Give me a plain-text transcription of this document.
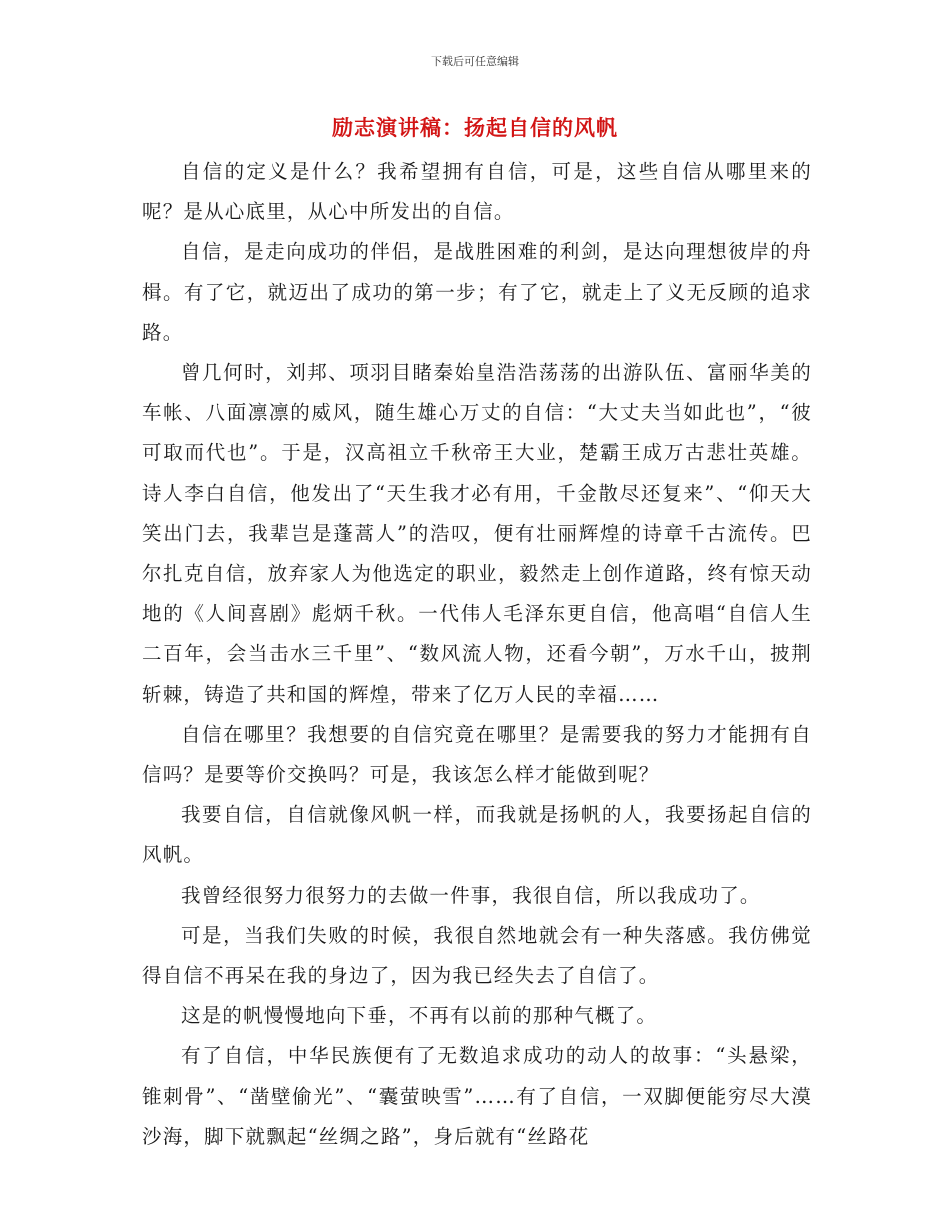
下载后可任意编辑
励志演讲稿：扬起自信的风帆

自信的定义是什么？我希望拥有自信，可是，这些自信从哪里来的呢？是从心底里，从心中所发出的自信。

自信，是走向成功的伴侣，是战胜困难的利剑，是达向理想彼岸的舟楫。有了它，就迈出了成功的第一步；有了它，就走上了义无反顾的追求路。

曾几何时，刘邦、项羽目睹秦始皇浩浩荡荡的出游队伍、富丽华美的车帐、八面凛凛的威风，随生雄心万丈的自信：“大丈夫当如此也”，“彼可取而代也”。于是，汉高祖立千秋帝王大业，楚霸王成万古悲壮英雄。诗人李白自信，他发出了“天生我才必有用，千金散尽还复来”、“仰天大笑出门去，我辈岂是蓬蒿人”的浩叹，便有壮丽辉煌的诗章千古流传。巴尔扎克自信，放弃家人为他选定的职业，毅然走上创作道路，终有惊天动地的《人间喜剧》彪炳千秋。一代伟人毛泽东更自信，他高唱“自信人生二百年，会当击水三千里”、“数风流人物，还看今朝”，万水千山，披荆斩棘，铸造了共和国的辉煌，带来了亿万人民的幸福……

自信在哪里？我想要的自信究竟在哪里？是需要我的努力才能拥有自信吗？是要等价交换吗？可是，我该怎么样才能做到呢？

我要自信，自信就像风帆一样，而我就是扬帆的人，我要扬起自信的风帆。

我曾经很努力很努力的去做一件事，我很自信，所以我成功了。

可是，当我们失败的时候，我很自然地就会有一种失落感。我仿佛觉得自信不再呆在我的身边了，因为我已经失去了自信了。

这是的帆慢慢地向下垂，不再有以前的那种气概了。

有了自信，中华民族便有了无数追求成功的动人的故事：“头悬梁，锥刺骨”、“凿壁偷光”、“囊萤映雪”……有了自信，一双脚便能穷尽大漠沙海，脚下就飘起“丝绸之路”，身后就有“丝路花
